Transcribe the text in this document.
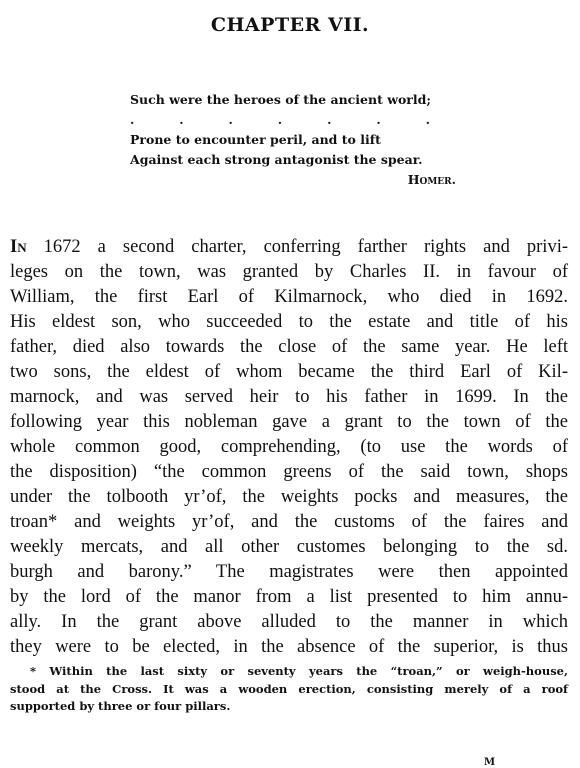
CHAPTER VII.
Such were the heroes of the ancient world;
.	.	.	.	.	.	.
Prone to encounter peril, and to lift
Against each strong antagonist the spear.
Homer.
In 1672 a second charter, conferring farther rights and privi-
leges on the town, was granted by Charles II. in favour of
William, the first Earl of Kilmarnock, who died in 1692.
His eldest son, who succeeded to the estate and title of his
father, died also towards the close of the same year. He left
two sons, the eldest of whom became the third Earl of Kil-
marnock, and was served heir to his father in 1699. In the
following year this nobleman gave a grant to the town of the
whole common good, comprehending, (to use the words of
the disposition) “the common greens of the said town, shops
under the tolbooth yr’of, the weights pocks and measures, the
troan* and weights yr’of, and the customs of the faires and
weekly mercats, and all other customes belonging to the sd.
burgh and barony.” The magistrates were then appointed
by the lord of the manor from a list presented to him annu-
ally. In the grant above alluded to the manner in which
they were to be elected, in the absence of the superior, is thus
* Within the last sixty or seventy years the “troan,” or weigh-house,
stood at the Cross. It was a wooden erection, consisting merely of a roof
supported by three or four pillars.
M
